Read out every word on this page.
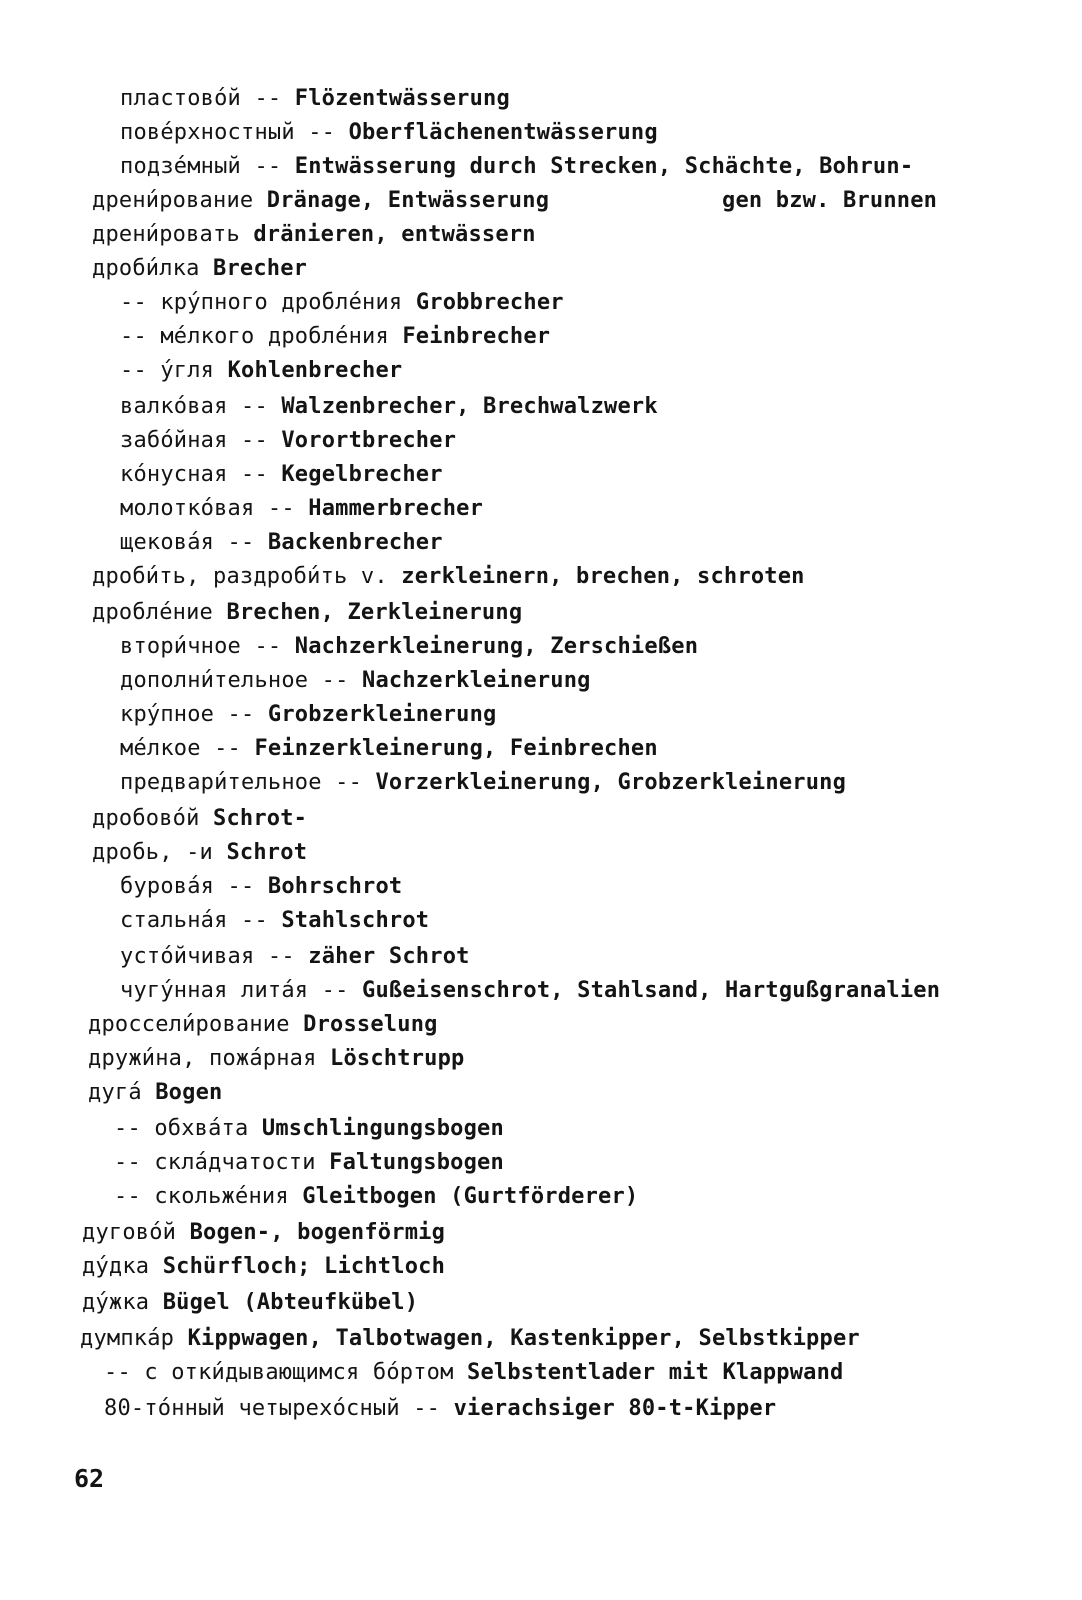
пластово́й -- Flözentwässerung
пове́рхностный -- Oberflächenentwässerung
подзе́мный -- Entwässerung durch Strecken, Schächte, Bohrun-
дрени́рование Dränage, Entwässerung	gen bzw. Brunnen
дрени́ровать dränieren, entwässern
дроби́лка Brecher
-- кру́пного дробле́ния Grobbrecher
-- ме́лкого дробле́ния Feinbrecher
-- у́гля Kohlenbrecher
валко́вая -- Walzenbrecher, Brechwalzwerk
забо́йная -- Vorortbrecher
ко́нусная -- Kegelbrecher
молотко́вая -- Hammerbrecher
щекова́я -- Backenbrecher
дроби́ть, раздроби́ть v. zerkleinern, brechen, schroten
дробле́ние Brechen, Zerkleinerung
втори́чное -- Nachzerkleinerung, Zerschießen
дополни́тельное -- Nachzerkleinerung
кру́пное -- Grobzerkleinerung
ме́лкое -- Feinzerkleinerung, Feinbrechen
предвари́тельное -- Vorzerkleinerung, Grobzerkleinerung
дробово́й Schrot-
дробь, -и Schrot
бурова́я -- Bohrschrot
стальна́я -- Stahlschrot
усто́йчивая -- zäher Schrot
чугу́нная лита́я -- Gußeisenschrot, Stahlsand, Hartgußgranalien
дроссели́рование Drosselung
дружи́на, пожа́рная Löschtrupp
дуга́ Bogen
-- обхва́та Umschlingungsbogen
-- скла́дчатости Faltungsbogen
-- скольже́ния Gleitbogen (Gurtförderer)
дугово́й Bogen-, bogenförmig
ду́дка Schürfloch; Lichtloch
ду́жка Bügel (Abteufkübel)
думпка́р Kippwagen, Talbotwagen, Kastenkipper, Selbstkipper
-- с отки́дывающимся бо́ртом Selbstentlader mit Klappwand
80-то́нный четырехо́сный -- vierachsiger 80-t-Kipper
62
